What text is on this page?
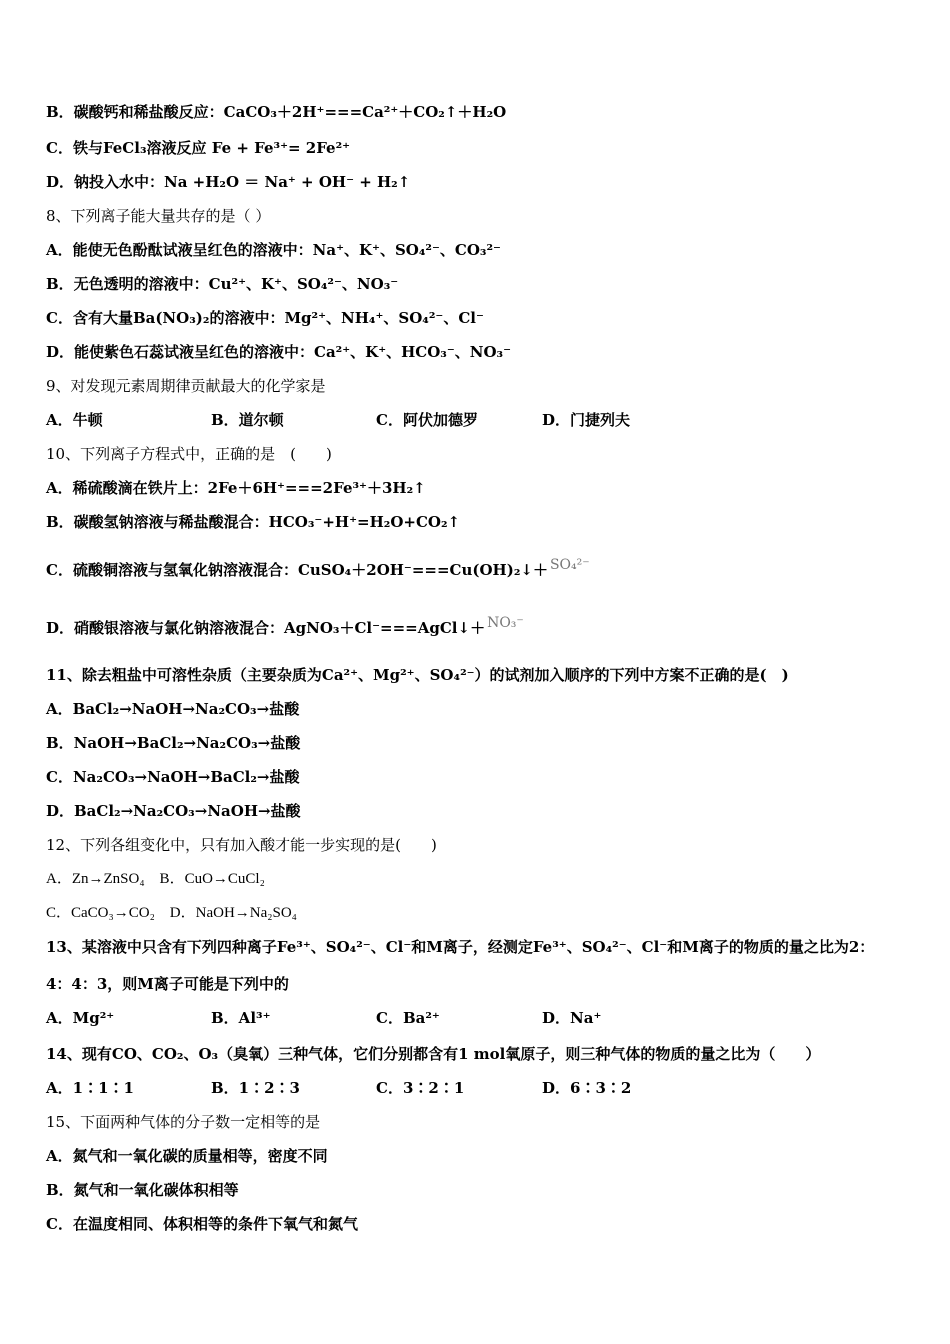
B．碳酸钙和稀盐酸反应：CaCO₃＋2H⁺===Ca²⁺＋CO₂↑＋H₂O
C．铁与FeCl₃溶液反应 Fe + Fe³⁺= 2Fe²⁺
D．钠投入水中：Na +H₂O ＝ Na⁺ + OH⁻ + H₂↑
8、下列离子能大量共存的是（ ）
A．能使无色酚酞试液呈红色的溶液中：Na⁺、K⁺、SO₄²⁻、CO₃²⁻
B．无色透明的溶液中：Cu²⁺、K⁺、SO₄²⁻、NO₃⁻
C．含有大量Ba(NO₃)₂的溶液中：Mg²⁺、NH₄⁺、SO₄²⁻、Cl⁻
D．能使紫色石蕊试液呈红色的溶液中：Ca²⁺、K⁺、HCO₃⁻、NO₃⁻
9、对发现元素周期律贡献最大的化学家是
A．牛顿	B．道尔顿	C．阿伏加德罗	D．门捷列夫
10、下列离子方程式中，正确的是　(　　)
A．稀硫酸滴在铁片上：2Fe＋6H⁺===2Fe³⁺＋3H₂↑
B．碳酸氢钠溶液与稀盐酸混合：HCO₃⁻+H⁺=H₂O+CO₂↑
C．硫酸铜溶液与氢氧化钠溶液混合：CuSO₄＋2OH⁻===Cu(OH)₂↓＋ SO₄²⁻
D．硝酸银溶液与氯化钠溶液混合：AgNO₃＋Cl⁻===AgCl↓＋ NO₃⁻
11、除去粗盐中可溶性杂质（主要杂质为Ca²⁺、Mg²⁺、SO₄²⁻）的试剂加入顺序的下列中方案不正确的是(　)
A．BaCl₂→NaOH→Na₂CO₃→盐酸
B．NaOH→BaCl₂→Na₂CO₃→盐酸
C．Na₂CO₃→NaOH→BaCl₂→盐酸
D．BaCl₂→Na₂CO₃→NaOH→盐酸
12、下列各组变化中，只有加入酸才能一步实现的是(　　)
A．Zn→ZnSO₄　B．CuO→CuCl₂
C．CaCO₃→CO₂　D．NaOH→Na₂SO₄
13、某溶液中只含有下列四种离子Fe³⁺、SO₄²⁻、Cl⁻和M离子，经测定Fe³⁺、SO₄²⁻、Cl⁻和M离子的物质的量之比为2：
4：4：3，则M离子可能是下列中的
A．Mg²⁺	B．Al³⁺	C．Ba²⁺	D．Na⁺
14、现有CO、CO₂、O₃（臭氧）三种气体，它们分别都含有1 mol氧原子，则三种气体的物质的量之比为（　　）
A．1∶1∶1	B．1∶2∶3	C．3∶2∶1	D．6∶3∶2
15、下面两种气体的分子数一定相等的是
A．氮气和一氧化碳的质量相等，密度不同
B．氮气和一氧化碳体积相等
C．在温度相同、体积相等的条件下氧气和氮气
